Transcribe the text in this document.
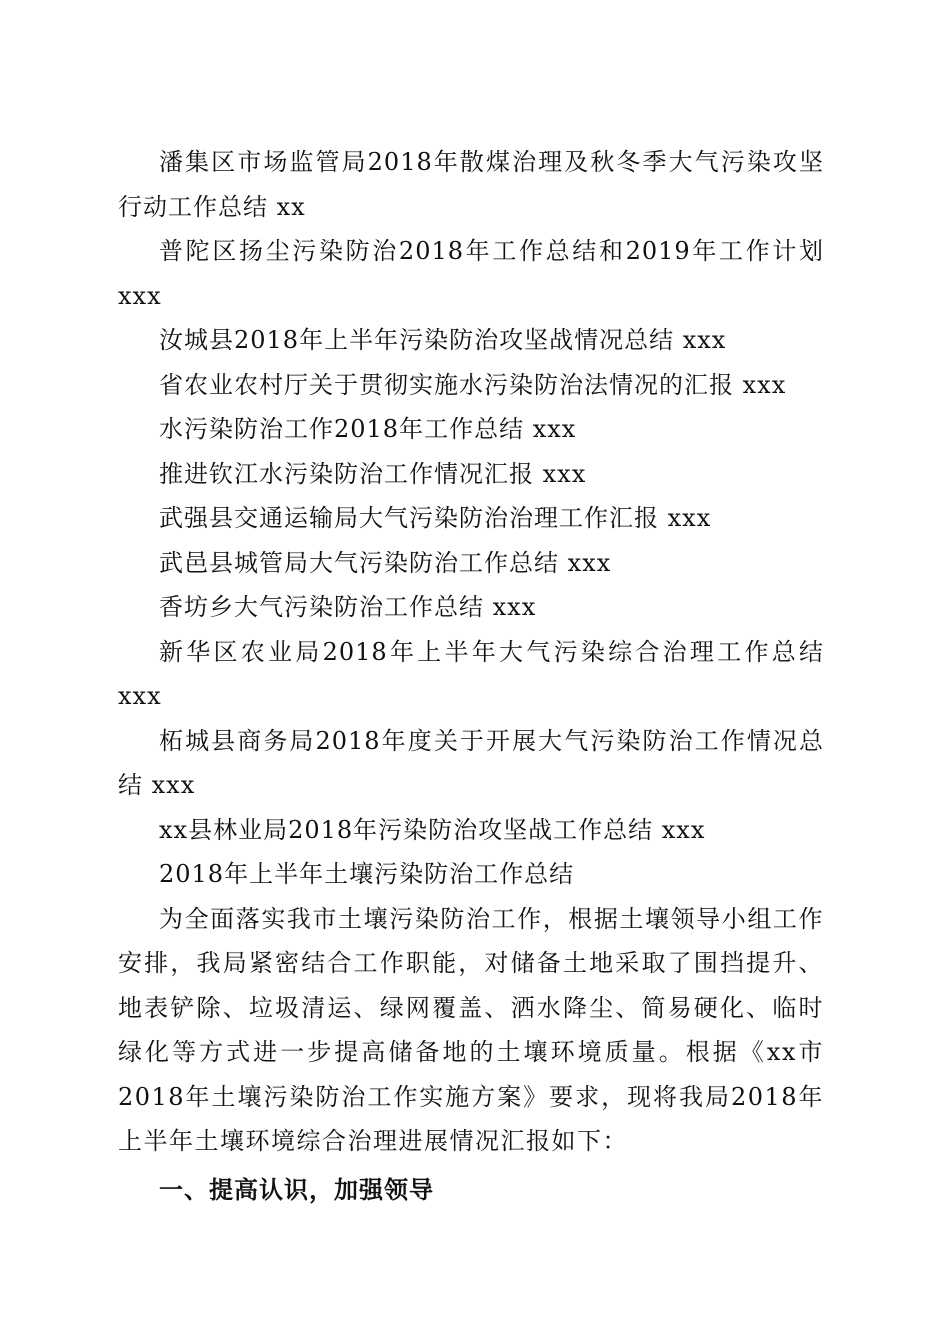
潘集区市场监管局2018年散煤治理及秋冬季大气污染攻坚行动工作总结 xx

普陀区扬尘污染防治2018年工作总结和2019年工作计划 xxx

汝城县2018年上半年污染防治攻坚战情况总结 xxx

省农业农村厅关于贯彻实施水污染防治法情况的汇报 xxx

水污染防治工作2018年工作总结 xxx

推进钦江水污染防治工作情况汇报 xxx

武强县交通运输局大气污染防治治理工作汇报 xxx

武邑县城管局大气污染防治工作总结 xxx

香坊乡大气污染防治工作总结 xxx

新华区农业局2018年上半年大气污染综合治理工作总结 xxx

柘城县商务局2018年度关于开展大气污染防治工作情况总结 xxx

xx县林业局2018年污染防治攻坚战工作总结 xxx

2018年上半年土壤污染防治工作总结

为全面落实我市土壤污染防治工作，根据土壤领导小组工作安排，我局紧密结合工作职能，对储备土地采取了围挡提升、地表铲除、垃圾清运、绿网覆盖、洒水降尘、简易硬化、临时绿化等方式进一步提高储备地的土壤环境质量。根据《xx市2018年土壤污染防治工作实施方案》要求，现将我局2018年上半年土壤环境综合治理进展情况汇报如下：

一、提高认识，加强领导
